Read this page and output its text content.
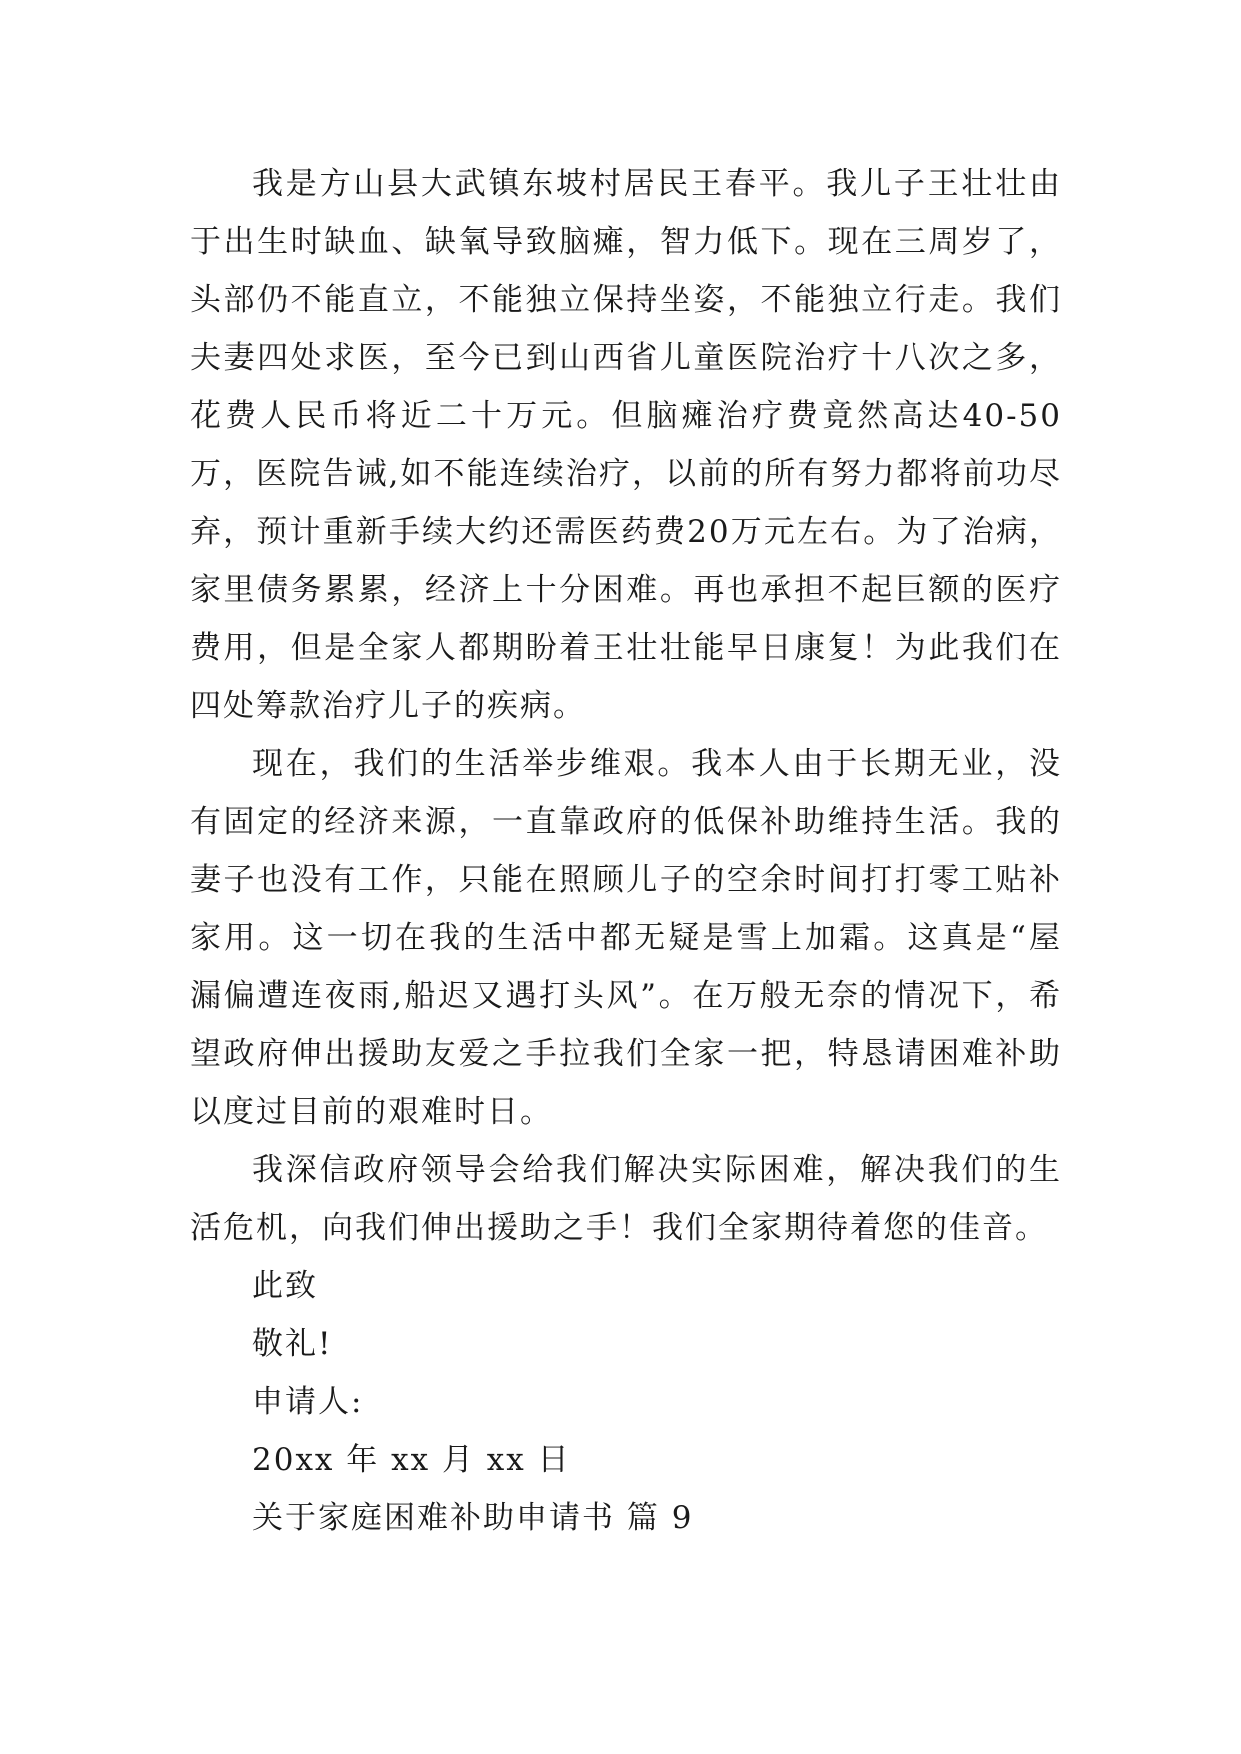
我是方山县大武镇东坡村居民王春平。我儿子王壮壮由于出生时缺血、缺氧导致脑瘫，智力低下。现在三周岁了，头部仍不能直立，不能独立保持坐姿，不能独立行走。我们夫妻四处求医，至今已到山西省儿童医院治疗十八次之多，花费人民币将近二十万元。但脑瘫治疗费竟然高达40-50万，医院告诫,如不能连续治疗，以前的所有努力都将前功尽弃，预计重新手续大约还需医药费20万元左右。为了治病，家里债务累累，经济上十分困难。再也承担不起巨额的医疗费用，但是全家人都期盼着王壮壮能早日康复！为此我们在四处筹款治疗儿子的疾病。

现在，我们的生活举步维艰。我本人由于长期无业，没有固定的经济来源，一直靠政府的低保补助维持生活。我的妻子也没有工作，只能在照顾儿子的空余时间打打零工贴补家用。这一切在我的生活中都无疑是雪上加霜。这真是“屋漏偏遭连夜雨,船迟又遇打头风”。在万般无奈的情况下，希望政府伸出援助友爱之手拉我们全家一把，特恳请困难补助以度过目前的艰难时日。

我深信政府领导会给我们解决实际困难，解决我们的生活危机，向我们伸出援助之手！我们全家期待着您的佳音。

此致

敬礼!

申请人:

20xx 年 xx 月 xx 日

关于家庭困难补助申请书 篇 9
